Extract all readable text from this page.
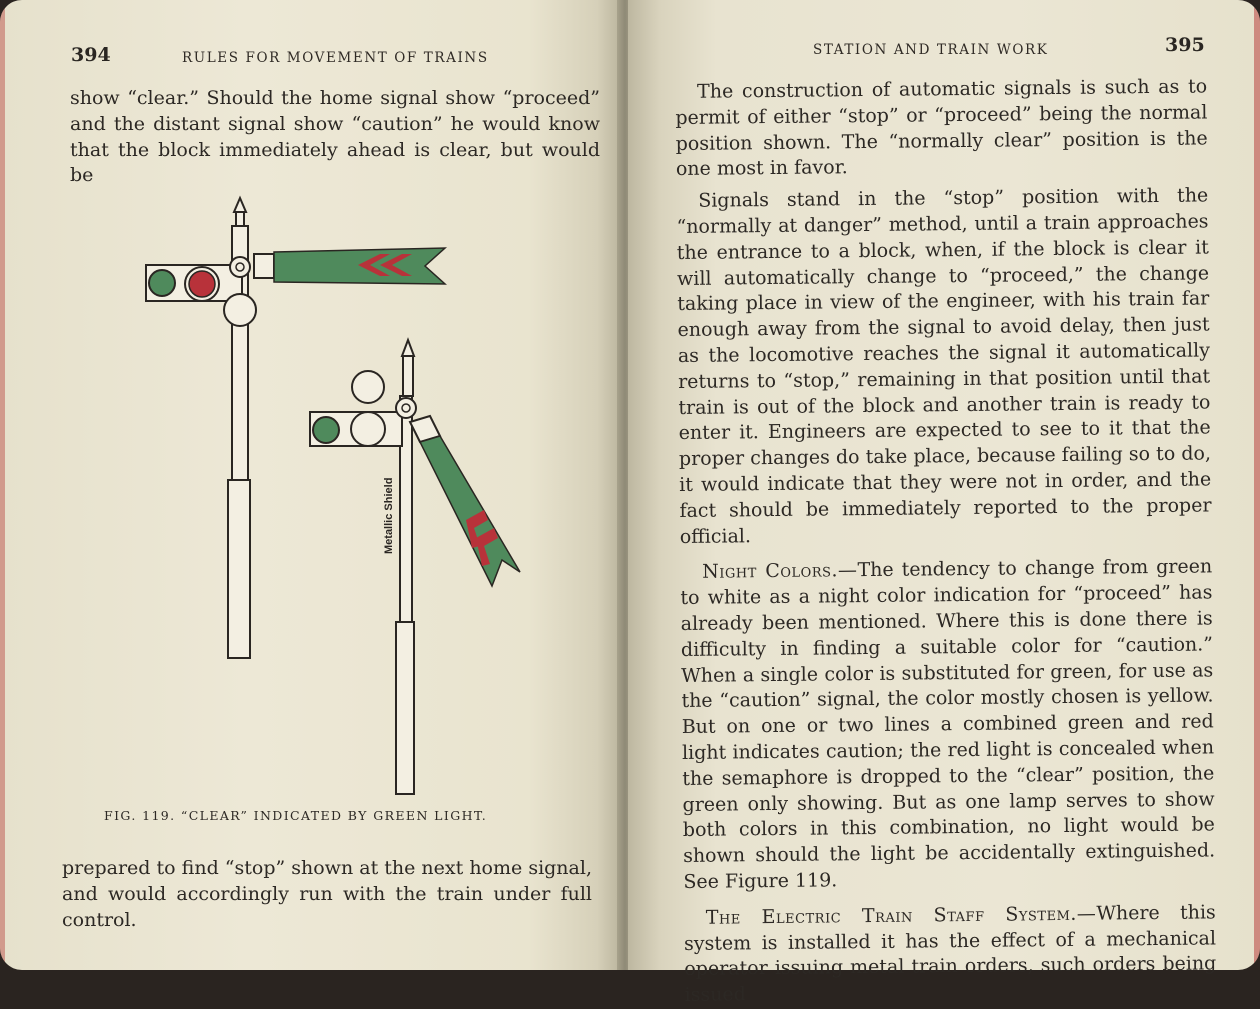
394	RULES FOR MOVEMENT OF TRAINS

show “clear.” Should the home signal show “proceed” and the distant signal show “caution” he would know that the block immediately ahead is clear, but would be

Metallic Shield
FIG. 119. “CLEAR” INDICATED BY GREEN LIGHT.

prepared to find “stop” shown at the next home signal, and would accordingly run with the train under full control.

STATION AND TRAIN WORK	395

The construction of automatic signals is such as to permit of either “stop” or “proceed” being the normal position shown. The “normally clear” position is the one most in favor.

Signals stand in the “stop” position with the “normally at danger” method, until a train approaches the entrance to a block, when, if the block is clear it will automatically change to “proceed,” the change taking place in view of the engineer, with his train far enough away from the signal to avoid delay, then just as the locomotive reaches the signal it automatically returns to “stop,” remaining in that position until that train is out of the block and another train is ready to enter it. Engineers are expected to see to it that the proper changes do take place, because failing so to do, it would indicate that they were not in order, and the fact should be immediately reported to the proper official.

Night Colors.—The tendency to change from green to white as a night color indication for “proceed” has already been mentioned. Where this is done there is difficulty in finding a suitable color for “caution.” When a single color is substituted for green, for use as the “caution” signal, the color mostly chosen is yellow. But on one or two lines a combined green and red light indicates caution; the red light is concealed when the semaphore is dropped to the “clear” position, the green only showing. But as one lamp serves to show both colors in this combination, no light would be shown should the light be accidentally extinguished. See Figure 119.

The Electric Train Staff System.—Where this system is installed it has the effect of a mechanical operator issuing metal train orders, such orders being issued
